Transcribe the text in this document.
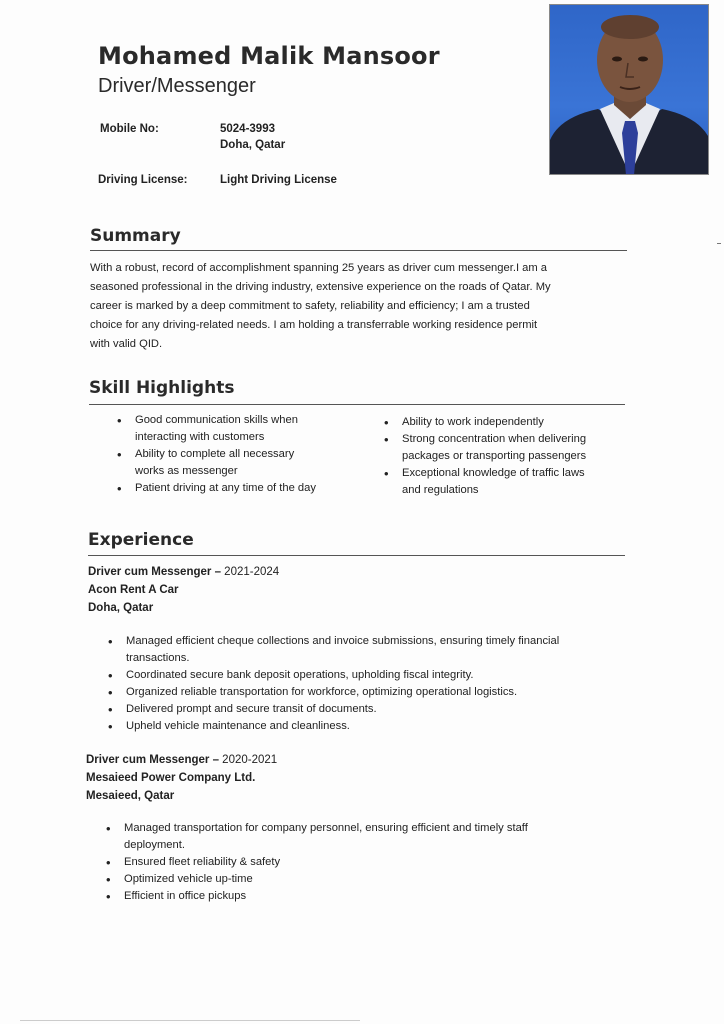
Mohamed Malik Mansoor
Driver/Messenger
Mobile No:	5024-3993
Doha, Qatar
Driving License:	Light Driving License
Summary
With a robust, record of accomplishment spanning 25 years as driver cum messenger.I am a
seasoned professional in the driving industry, extensive experience on the roads of Qatar. My
career is marked by a deep commitment to safety, reliability and efficiency; I am a trusted
choice for any driving-related needs. I am holding a transferrable working residence permit
with valid QID.
Skill Highlights
• Good communication skills when
interacting with customers
• Ability to complete all necessary
works as messenger
• Patient driving at any time of the day
• Ability to work independently
• Strong concentration when delivering
packages or transporting passengers
• Exceptional knowledge of traffic laws
and regulations
Experience
Driver cum Messenger – 2021-2024
Acon Rent A Car
Doha, Qatar
• Managed efficient cheque collections and invoice submissions, ensuring timely financial
transactions.
• Coordinated secure bank deposit operations, upholding fiscal integrity.
• Organized reliable transportation for workforce, optimizing operational logistics.
• Delivered prompt and secure transit of documents.
• Upheld vehicle maintenance and cleanliness.
Driver cum Messenger – 2020-2021
Mesaieed Power Company Ltd.
Mesaieed, Qatar
• Managed transportation for company personnel, ensuring efficient and timely staff
deployment.
• Ensured fleet reliability & safety
• Optimized vehicle up-time
• Efficient in office pickups
